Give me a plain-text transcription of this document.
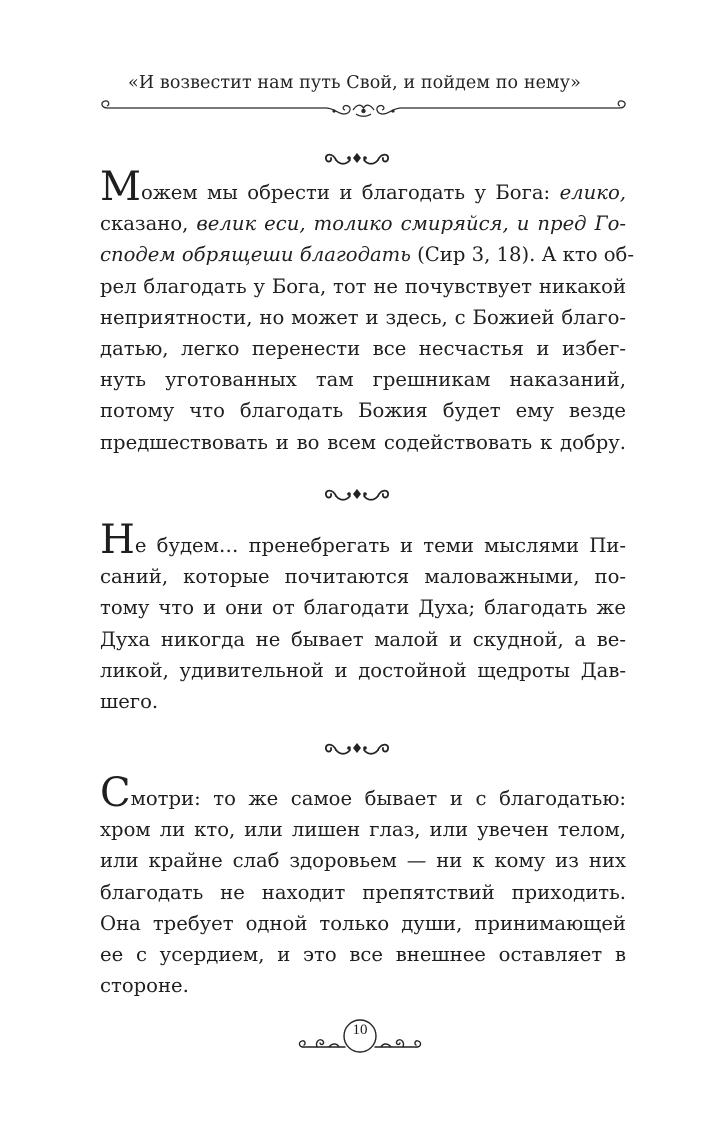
«И возвестит нам путь Свой, и пойдем по нему»
Можем мы обрести и благодать у Бога: елико,
сказано, велик еси, толико смиряйся, и пред Го-
сподем обрящеши благодать (Сир 3, 18). А кто об-
рел благодать у Бога, тот не почувствует никакой
неприятности, но может и здесь, с Божией благо-
датью, легко перенести все несчастья и избег-
нуть уготованных там грешникам наказаний,
потому что благодать Божия будет ему везде
предшествовать и во всем содействовать к добру.
Не будем… пренебрегать и теми мыслями Пи-
саний, которые почитаются маловажными, по-
тому что и они от благодати Духа; благодать же
Духа никогда не бывает малой и скудной, а ве-
ликой, удивительной и достойной щедроты Дав-
шего.
Смотри: то же самое бывает и с благодатью:
хром ли кто, или лишен глаз, или увечен телом,
или крайне слаб здоровьем — ни к кому из них
благодать не находит препятствий приходить.
Она требует одной только души, принимающей
ее с усердием, и это все внешнее оставляет в
стороне.
10
